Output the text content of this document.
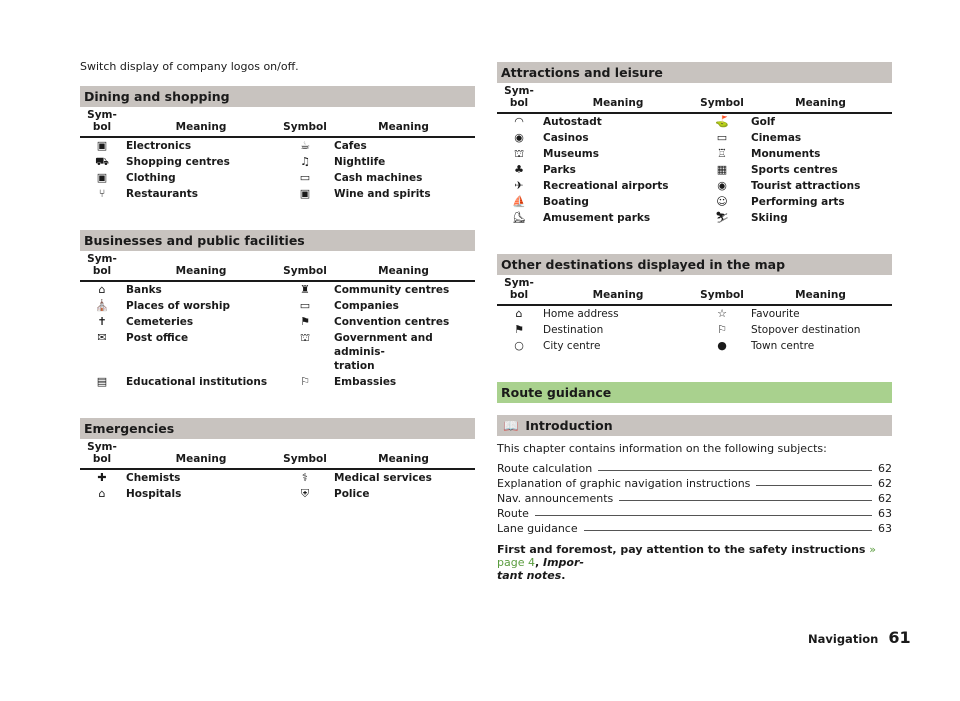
Switch display of company logos on/off.
Dining and shopping
Sym-
bol	Meaning	Symbol	Meaning
▣	Electronics	☕	Cafes
⛟	Shopping centres	♫	Nightlife
▣	Clothing	▭	Cash machines
⑂	Restaurants	▣	Wine and spirits
Businesses and public facilities
Sym-
bol	Meaning	Symbol	Meaning
⌂	Banks	♜	Community centres
⛪	Places of worship	▭	Companies
✝	Cemeteries	⚑	Convention centres
✉	Post office	⛫	Government and adminis-
tration
▤	Educational institutions	⚐	Embassies
Emergencies
Sym-
bol	Meaning	Symbol	Meaning
✚	Chemists	⚕	Medical services
⌂	Hospitals	⛨	Police
Attractions and leisure
Sym-
bol	Meaning	Symbol	Meaning
◠	Autostadt	⛳	Golf
◉	Casinos	▭	Cinemas
⛫	Museums	♖	Monuments
♣	Parks	▦	Sports centres
✈	Recreational airports	◉	Tourist attractions
⛵	Boating	☺	Performing arts
⛸	Amusement parks	⛷	Skiing
Other destinations displayed in the map
Sym-
bol	Meaning	Symbol	Meaning
⌂	Home address	☆	Favourite
⚑	Destination	⚐	Stopover destination
○	City centre	●	Town centre
Route guidance
📖 Introduction
This chapter contains information on the following subjects:
Route calculation	62
Explanation of graphic navigation instructions	62
Nav. announcements	62
Route	63
Lane guidance	63
First and foremost, pay attention to the safety instructions » page 4, Impor-
tant notes.
Navigation 61
